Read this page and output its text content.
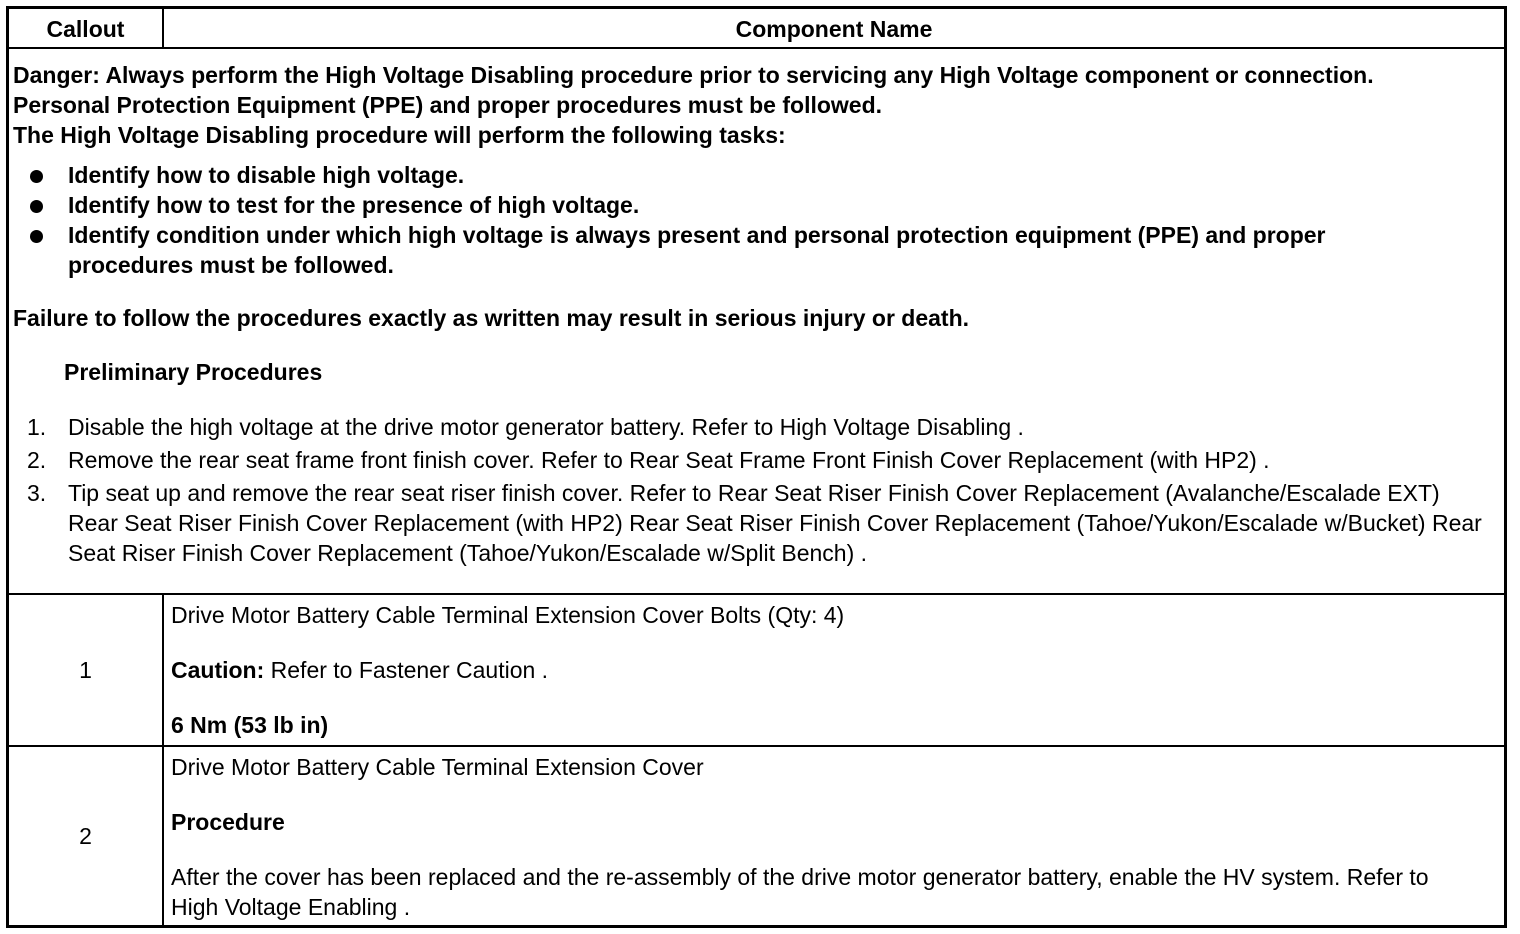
Callout	Component Name
Danger: Always perform the High Voltage Disabling procedure prior to servicing any High Voltage component or connection.
Personal Protection Equipment (PPE) and proper procedures must be followed.
The High Voltage Disabling procedure will perform the following tasks:
Identify how to disable high voltage.
Identify how to test for the presence of high voltage.
Identify condition under which high voltage is always present and personal protection equipment (PPE) and proper procedures must be followed.
Failure to follow the procedures exactly as written may result in serious injury or death.
Preliminary Procedures
1. Disable the high voltage at the drive motor generator battery. Refer to High Voltage Disabling .
2. Remove the rear seat frame front finish cover. Refer to Rear Seat Frame Front Finish Cover Replacement (with HP2) .
3. Tip seat up and remove the rear seat riser finish cover. Refer to Rear Seat Riser Finish Cover Replacement (Avalanche/Escalade EXT) Rear Seat Riser Finish Cover Replacement (with HP2) Rear Seat Riser Finish Cover Replacement (Tahoe/Yukon/Escalade w/Bucket) Rear Seat Riser Finish Cover Replacement (Tahoe/Yukon/Escalade w/Split Bench) .
1
Drive Motor Battery Cable Terminal Extension Cover Bolts (Qty: 4)
Caution: Refer to Fastener Caution .
6 Nm (53 lb in)
2
Drive Motor Battery Cable Terminal Extension Cover
Procedure
After the cover has been replaced and the re-assembly of the drive motor generator battery, enable the HV system. Refer to High Voltage Enabling .
